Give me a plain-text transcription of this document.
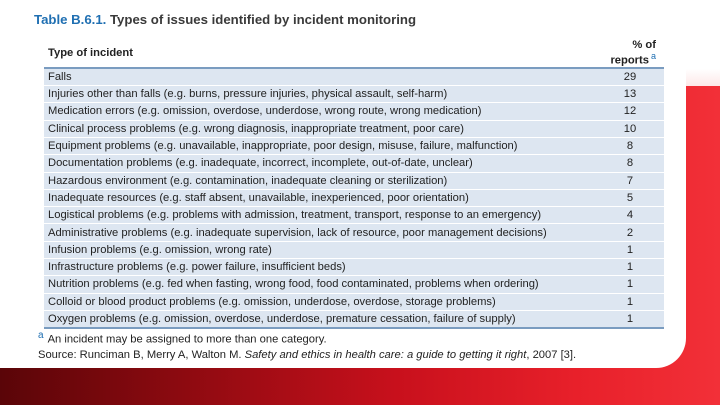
Table B.6.1. Types of issues identified by incident monitoring
Type of incident	% of reports $^a$
Falls	29
Injuries other than falls (e.g. burns, pressure injuries, physical assault, self-harm)	13
Medication errors (e.g. omission, overdose, underdose, wrong route, wrong medication)	12
Clinical process problems (e.g. wrong diagnosis, inappropriate treatment, poor care)	10
Equipment problems (e.g. unavailable, inappropriate, poor design, misuse, failure, malfunction)	8
Documentation problems (e.g. inadequate, incorrect, incomplete, out-of-date, unclear)	8
Hazardous environment (e.g. contamination, inadequate cleaning or sterilization)	7
Inadequate resources (e.g. staff absent, unavailable, inexperienced, poor orientation)	5
Logistical problems (e.g. problems with admission, treatment, transport, response to an emergency)	4
Administrative problems (e.g. inadequate supervision, lack of resource, poor management decisions)	2
Infusion problems (e.g. omission, wrong rate)	1
Infrastructure problems (e.g. power failure, insufficient beds)	1
Nutrition problems (e.g. fed when fasting, wrong food, food contaminated, problems when ordering)	1
Colloid or blood product problems (e.g. omission, underdose, overdose, storage problems)	1
Oxygen problems (e.g. omission, overdose, underdose, premature cessation, failure of supply)	1
a An incident may be assigned to more than one category.
Source: Runciman B, Merry A, Walton M. Safety and ethics in health care: a guide to getting it right, 2007 [3].
